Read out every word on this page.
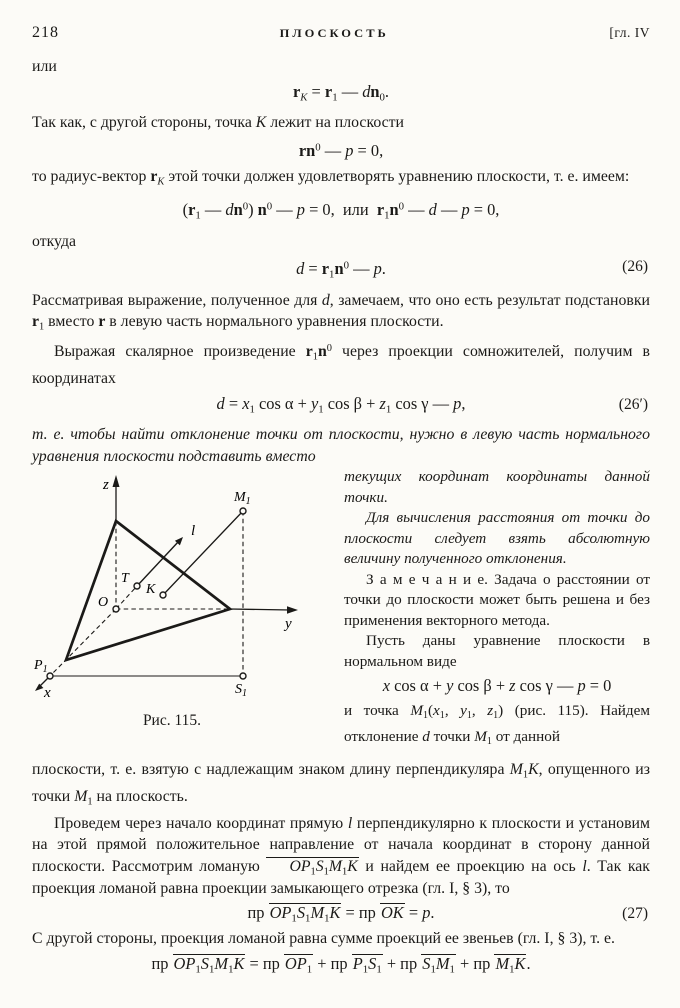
218	ПЛОСКОСТЬ	[гл. IV

или

$r_K = r_1$ — $dn_0$.

Так как, с другой стороны, точка K лежит на плоскости

$rn^0$ — p = 0,

то радиус-вектор $r_K$ этой точки должен удовлетворять уравнению плоскости, т. е. имеем:

($r_1$ — $dn^0$) $n^0$ — p = 0, или $r_1n^0$ — d — p = 0,

откуда

$d = r_1n^0$ — p.	(26)

Рассматривая выражение, полученное для d, замечаем, что оно есть результат подстановки $r_1$ вместо r в левую часть нормального уравнения плоскости.

Выражая скалярное произведение $r_1n^0$ через проекции сомножителей, получим в координатах

$d = x_1$ $\cos \alpha + y_1$ $\cos \beta + z_1$ cos γ — p,	(26′)

т. е. чтобы найти отклонение точки от плоскости, нужно в левую часть нормального уравнения плоскости подставить вместо

z
y
x
O
T
K
l
$M_1$
$P_1$
$S_1$
Рис. 115.

текущих координат координаты данной точки.

Для вычисления расстояния от точки до плоскости следует взять абсолютную величину полученного отклонения.

З а м е ч а н и е. Задача о расстоянии от точки до плоскости может быть решена и без применения векторного метода.

Пусть даны уравнение плоскости в нормальном виде

x cos α + y cos β + z cos γ — p = 0

и точка $M_1(x_1$, $y_1$, $z_1$) (рис. 115). Найдем отклонение d точки $M_1$ от данной

плоскости, т. е. взятую с надлежащим знаком длину перпендикуляра $M_1K$, опущенного из точки $M_1$ на плоскость.

Проведем через начало координат прямую l перпендикулярно к плоскости и установим на этой прямой положительное направление от начала координат в сторону данной плоскости. Рассмотрим ломаную $OP_1S_1M_1K$ и найдем ее проекцию на ось l. Так как проекция ломаной равна проекции замыкающего отрезка (гл. I, § 3), то

пр $OP_1S_1M_1K$ = пр OK = p.	(27)

С другой стороны, проекция ломаной равна сумме проекций ее звеньев (гл. I, § 3), т. е.

пр $OP_1S_1M_1K$ = пр $OP_1$ + пр $P_1S_1$ + пр $S_1M_1$ + пр $M_1K$.
